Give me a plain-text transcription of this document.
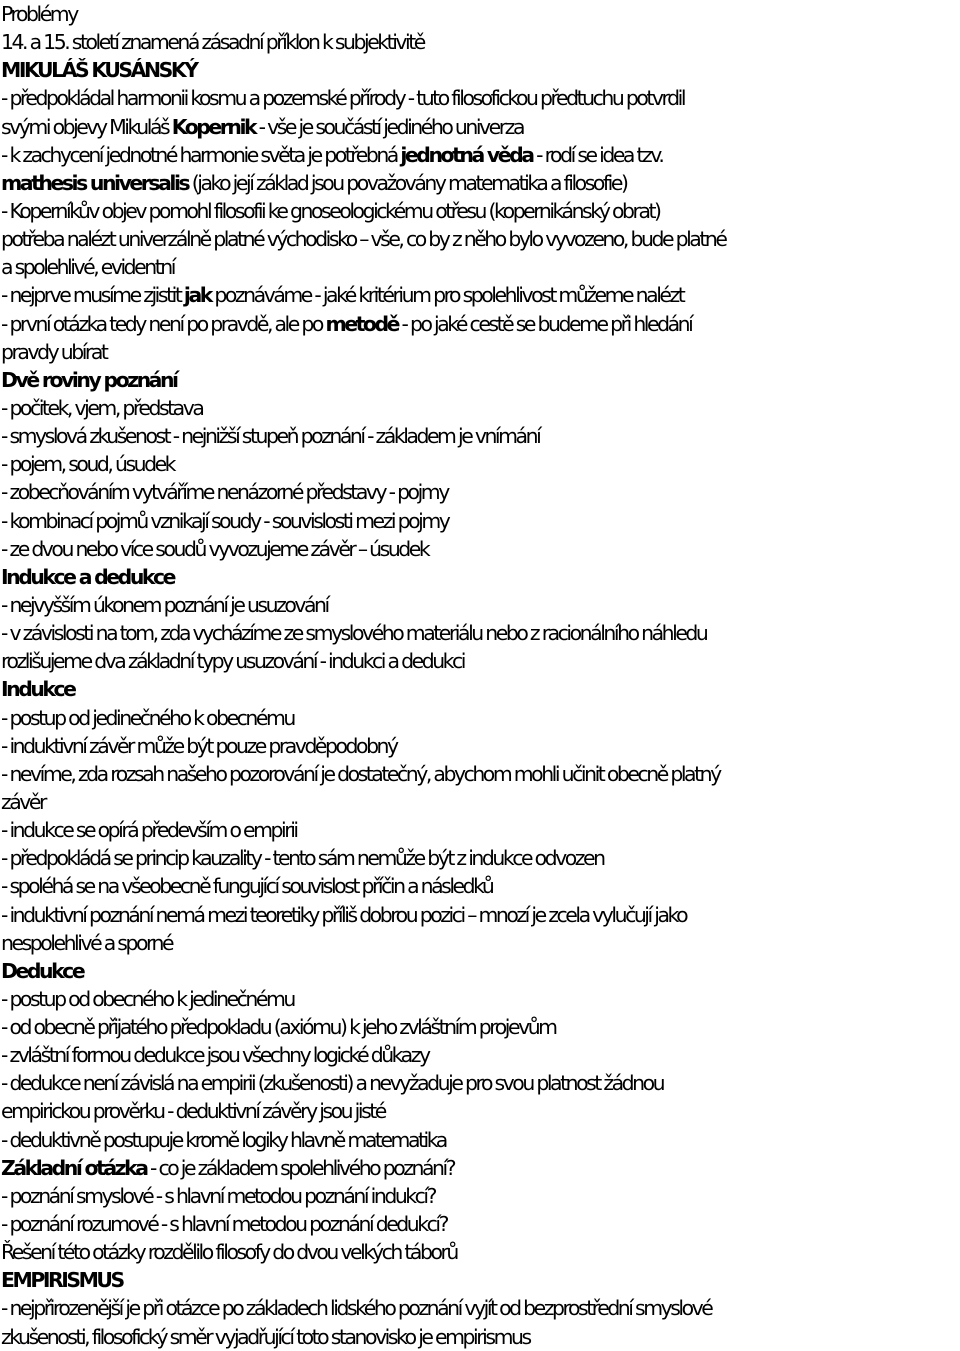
Problémy
14. a 15. století znamená zásadní příklon k subjektivitě
MIKULÁŠ KUSÁNSKÝ
- předpokládal harmonii kosmu a pozemské přírody - tuto filosofickou předtuchu potvrdil
svými objevy Mikuláš Kopernik - vše je součástí jediného univerza
- k zachycení jednotné harmonie světa je potřebná jednotná věda - rodí se idea tzv.
mathesis universalis (jako její základ jsou považovány matematika a filosofie)
- Koperníkův objev pomohl filosofii ke gnoseologickému otřesu (kopernikánský obrat)
potřeba nalézt univerzálně platné východisko – vše, co by z něho bylo vyvozeno, bude platné
a spolehlivé, evidentní
- nejprve musíme zjistit jak poznáváme - jaké kritérium pro spolehlivost můžeme nalézt
- první otázka tedy není po pravdě, ale po metodě - po jaké cestě se budeme při hledání
pravdy ubírat
Dvě roviny poznání
- počitek, vjem, představa
- smyslová zkušenost - nejnižší stupeň poznání - základem je vnímání
- pojem, soud, úsudek
- zobecňováním vytváříme nenázorné představy - pojmy
- kombinací pojmů vznikají soudy - souvislosti mezi pojmy
- ze dvou nebo více soudů vyvozujeme závěr – úsudek
Indukce a dedukce
- nejvyšším úkonem poznání je usuzování
- v závislosti na tom, zda vycházíme ze smyslového materiálu nebo z racionálního náhledu
rozlišujeme dva základní typy usuzování - indukci a dedukci
Indukce
- postup od jedinečného k obecnému
- induktivní závěr může být pouze pravděpodobný
- nevíme, zda rozsah našeho pozorování je dostatečný, abychom mohli učinit obecně platný
závěr
- indukce se opírá především o empirii
- předpokládá se princip kauzality - tento sám nemůže být z indukce odvozen
- spoléhá se na všeobecně fungující souvislost příčin a následků
- induktivní poznání nemá mezi teoretiky příliš dobrou pozici – mnozí je zcela vylučují jako
nespolehlivé a sporné
Dedukce
- postup od obecného k jedinečnému
- od obecně přijatého předpokladu (axiómu) k jeho zvláštním projevům
- zvláštní formou dedukce jsou všechny logické důkazy
- dedukce není závislá na empirii (zkušenosti) a nevyžaduje pro svou platnost žádnou
empirickou prověrku - deduktivní závěry jsou jisté
- deduktivně postupuje kromě logiky hlavně matematika
Základní otázka - co je základem spolehlivého poznání?
- poznání smyslové - s hlavní metodou poznání indukcí?
- poznání rozumové - s hlavní metodou poznání dedukcí?
Řešení této otázky rozdělilo filosofy do dvou velkých táborů
EMPIRISMUS
- nejpřirozenější je při otázce po základech lidského poznání vyjít od bezprostřední smyslové
zkušenosti, filosofický směr vyjadřující toto stanovisko je empirismus
